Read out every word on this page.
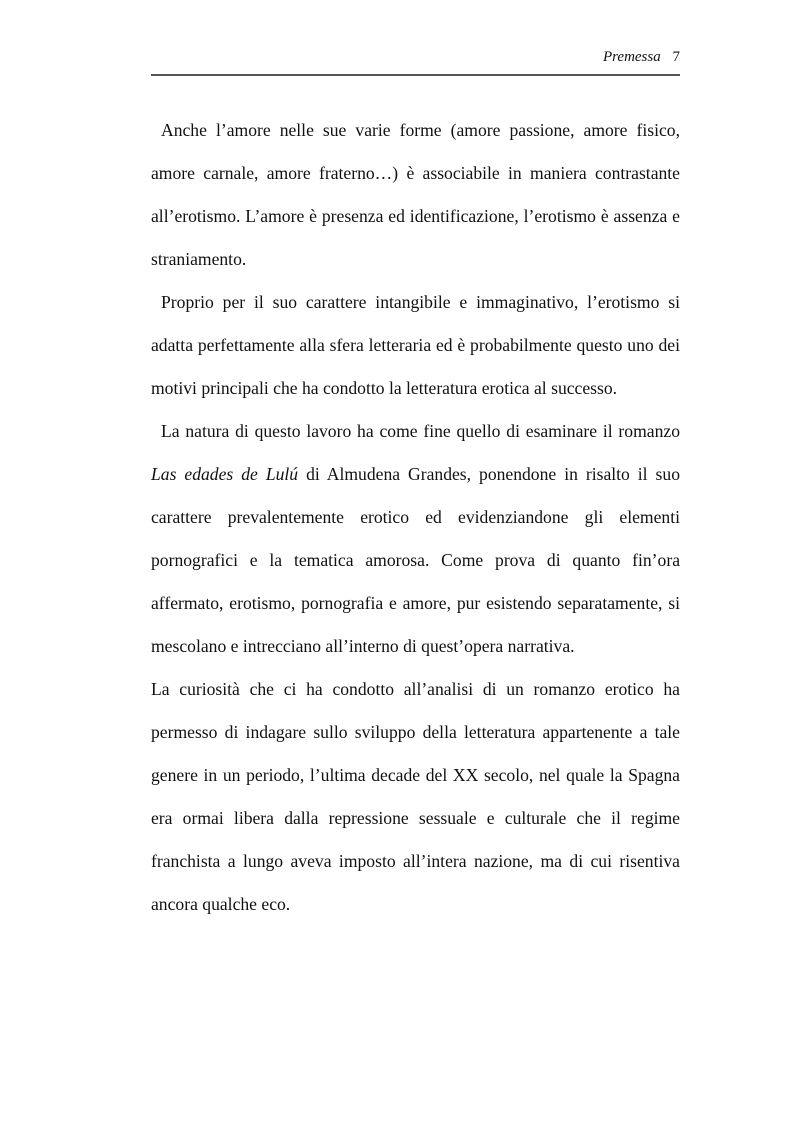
Premessa 7

Anche l’amore nelle sue varie forme (amore passione, amore fisico, amore carnale, amore fraterno…) è associabile in maniera contrastante all’erotismo. L’amore è presenza ed identificazione, l’erotismo è assenza e straniamento.

Proprio per il suo carattere intangibile e immaginativo, l’erotismo si adatta perfettamente alla sfera letteraria ed è probabilmente questo uno dei motivi principali che ha condotto la letteratura erotica al successo.

La natura di questo lavoro ha come fine quello di esaminare il romanzo Las edades de Lulú di Almudena Grandes, ponendone in risalto il suo carattere prevalentemente erotico ed evidenziandone gli elementi pornografici e la tematica amorosa. Come prova di quanto fin’ora affermato, erotismo, pornografia e amore, pur esistendo separatamente, si mescolano e intrecciano all’interno di quest’opera narrativa.

La curiosità che ci ha condotto all’analisi di un romanzo erotico ha permesso di indagare sullo sviluppo della letteratura appartenente a tale genere in un periodo, l’ultima decade del XX secolo, nel quale la Spagna era ormai libera dalla repressione sessuale e culturale che il regime franchista a lungo aveva imposto all’intera nazione, ma di cui risentiva ancora qualche eco.
